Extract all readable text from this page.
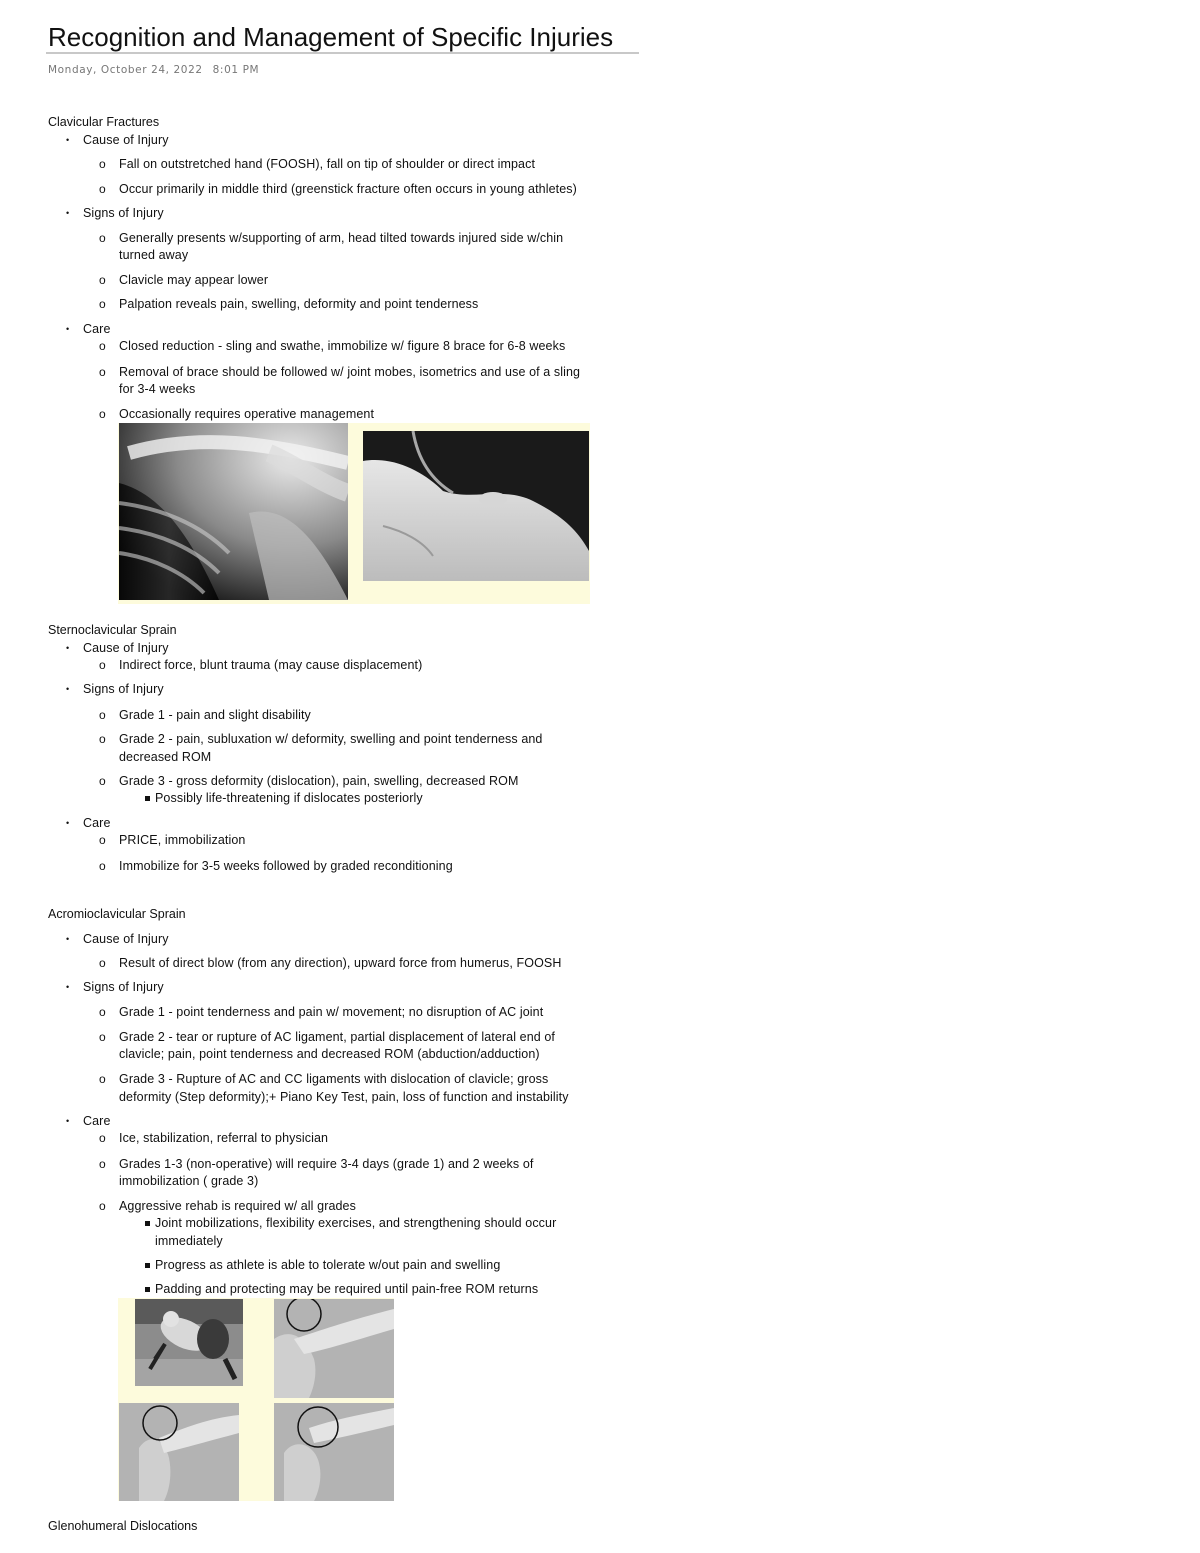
Recognition and Management of Specific Injuries
Monday, October 24, 2022 8:01 PM
Clavicular Fractures
• Cause of Injury
o Fall on outstretched hand (FOOSH), fall on tip of shoulder or direct impact
o Occur primarily in middle third (greenstick fracture often occurs in young athletes)
• Signs of Injury
o Generally presents w/supporting of arm, head tilted towards injured side w/chin
turned away
o Clavicle may appear lower
o Palpation reveals pain, swelling, deformity and point tenderness
• Care
o Closed reduction - sling and swathe, immobilize w/ figure 8 brace for 6-8 weeks
o Removal of brace should be followed w/ joint mobes, isometrics and use of a sling
for 3-4 weeks
o Occasionally requires operative management
Sternoclavicular Sprain
• Cause of Injury
o Indirect force, blunt trauma (may cause displacement)
• Signs of Injury
o Grade 1 - pain and slight disability
o Grade 2 - pain, subluxation w/ deformity, swelling and point tenderness and
decreased ROM
o Grade 3 - gross deformity (dislocation), pain, swelling, decreased ROM
Possibly life-threatening if dislocates posteriorly
• Care
o PRICE, immobilization
o Immobilize for 3-5 weeks followed by graded reconditioning
Acromioclavicular Sprain
• Cause of Injury
o Result of direct blow (from any direction), upward force from humerus, FOOSH
• Signs of Injury
o Grade 1 - point tenderness and pain w/ movement; no disruption of AC joint
o Grade 2 - tear or rupture of AC ligament, partial displacement of lateral end of
clavicle; pain, point tenderness and decreased ROM (abduction/adduction)
o Grade 3 - Rupture of AC and CC ligaments with dislocation of clavicle; gross
deformity (Step deformity);+ Piano Key Test, pain, loss of function and instability
• Care
o Ice, stabilization, referral to physician
o Grades 1-3 (non-operative) will require 3-4 days (grade 1) and 2 weeks of
immobilization ( grade 3)
o Aggressive rehab is required w/ all grades
Joint mobilizations, flexibility exercises, and strengthening should occur
immediately
Progress as athlete is able to tolerate w/out pain and swelling
Padding and protecting may be required until pain-free ROM returns
Glenohumeral Dislocations
